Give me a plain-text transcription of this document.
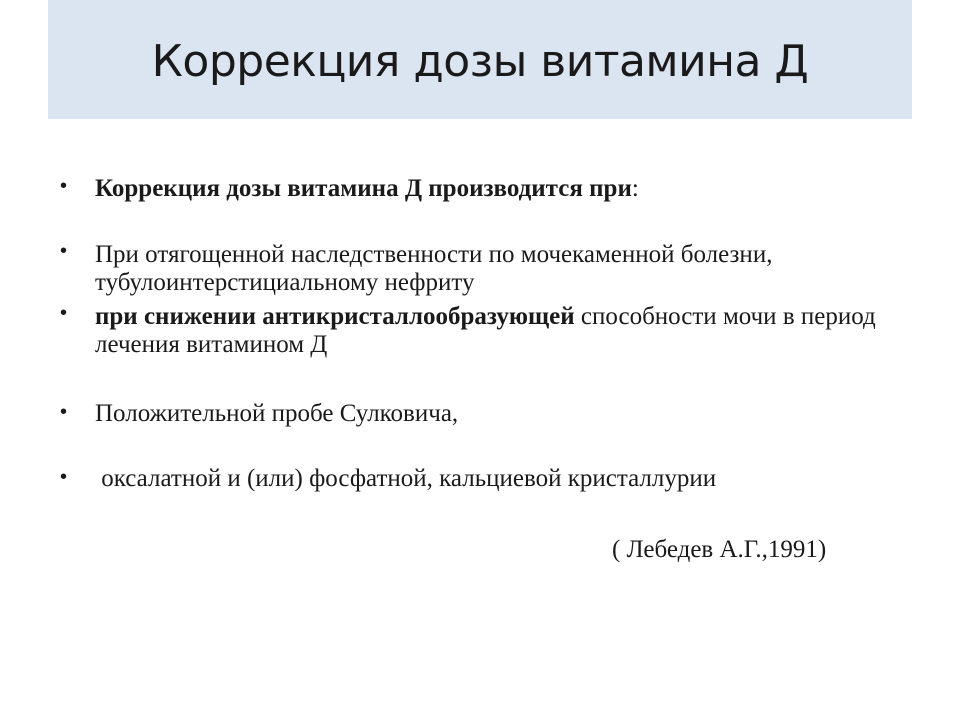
Коррекция дозы витамина Д
• Коррекция дозы витамина Д производится при:
• При отягощенной наследственности по мочекаменной болезни, тубулоинтерстициальному нефриту
• при снижении антикристаллообразующей способности мочи в период лечения витамином Д
• Положительной пробе Сулковича,
• оксалатной и (или) фосфатной, кальциевой кристаллурии
( Лебедев А.Г.,1991)
